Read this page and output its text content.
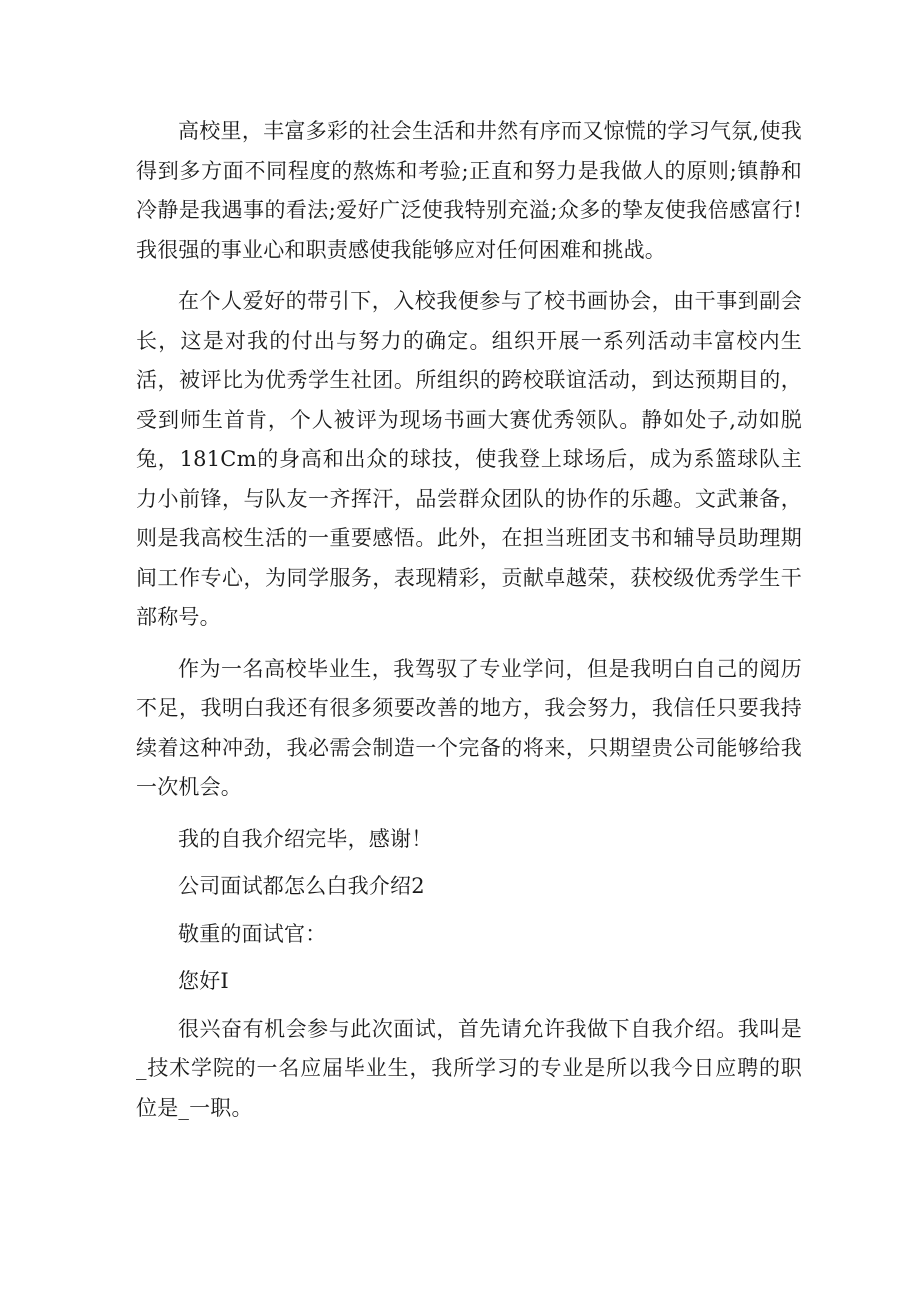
高校里，丰富多彩的社会生活和井然有序而又惊慌的学习气氛,使我得到多方面不同程度的熬炼和考验;正直和努力是我做人的原则;镇静和冷静是我遇事的看法;爱好广泛使我特别充溢;众多的挚友使我倍感富行!我很强的事业心和职责感使我能够应对任何困难和挑战。

在个人爱好的带引下，入校我便参与了校书画协会，由干事到副会长，这是对我的付出与努力的确定。组织开展一系列活动丰富校内生活，被评比为优秀学生社团。所组织的跨校联谊活动，到达预期目的，受到师生首肯，个人被评为现场书画大赛优秀领队。静如处子,动如脱兔，181Cm的身高和出众的球技，使我登上球场后，成为系篮球队主力小前锋，与队友一齐挥汗，品尝群众团队的协作的乐趣。文武兼备，则是我高校生活的一重要感悟。此外，在担当班团支书和辅导员助理期间工作专心，为同学服务，表现精彩，贡献卓越荣，获校级优秀学生干部称号。

作为一名高校毕业生，我驾驭了专业学问，但是我明白自己的阅历不足，我明白我还有很多须要改善的地方，我会努力，我信任只要我持续着这种冲劲，我必需会制造一个完备的将来，只期望贵公司能够给我一次机会。

我的自我介绍完毕，感谢！

公司面试都怎么白我介绍2

敬重的面试官：

您好I

很兴奋有机会参与此次面试，首先请允许我做下自我介绍。我叫是_技术学院的一名应届毕业生，我所学习的专业是所以我今日应聘的职位是_一职。
